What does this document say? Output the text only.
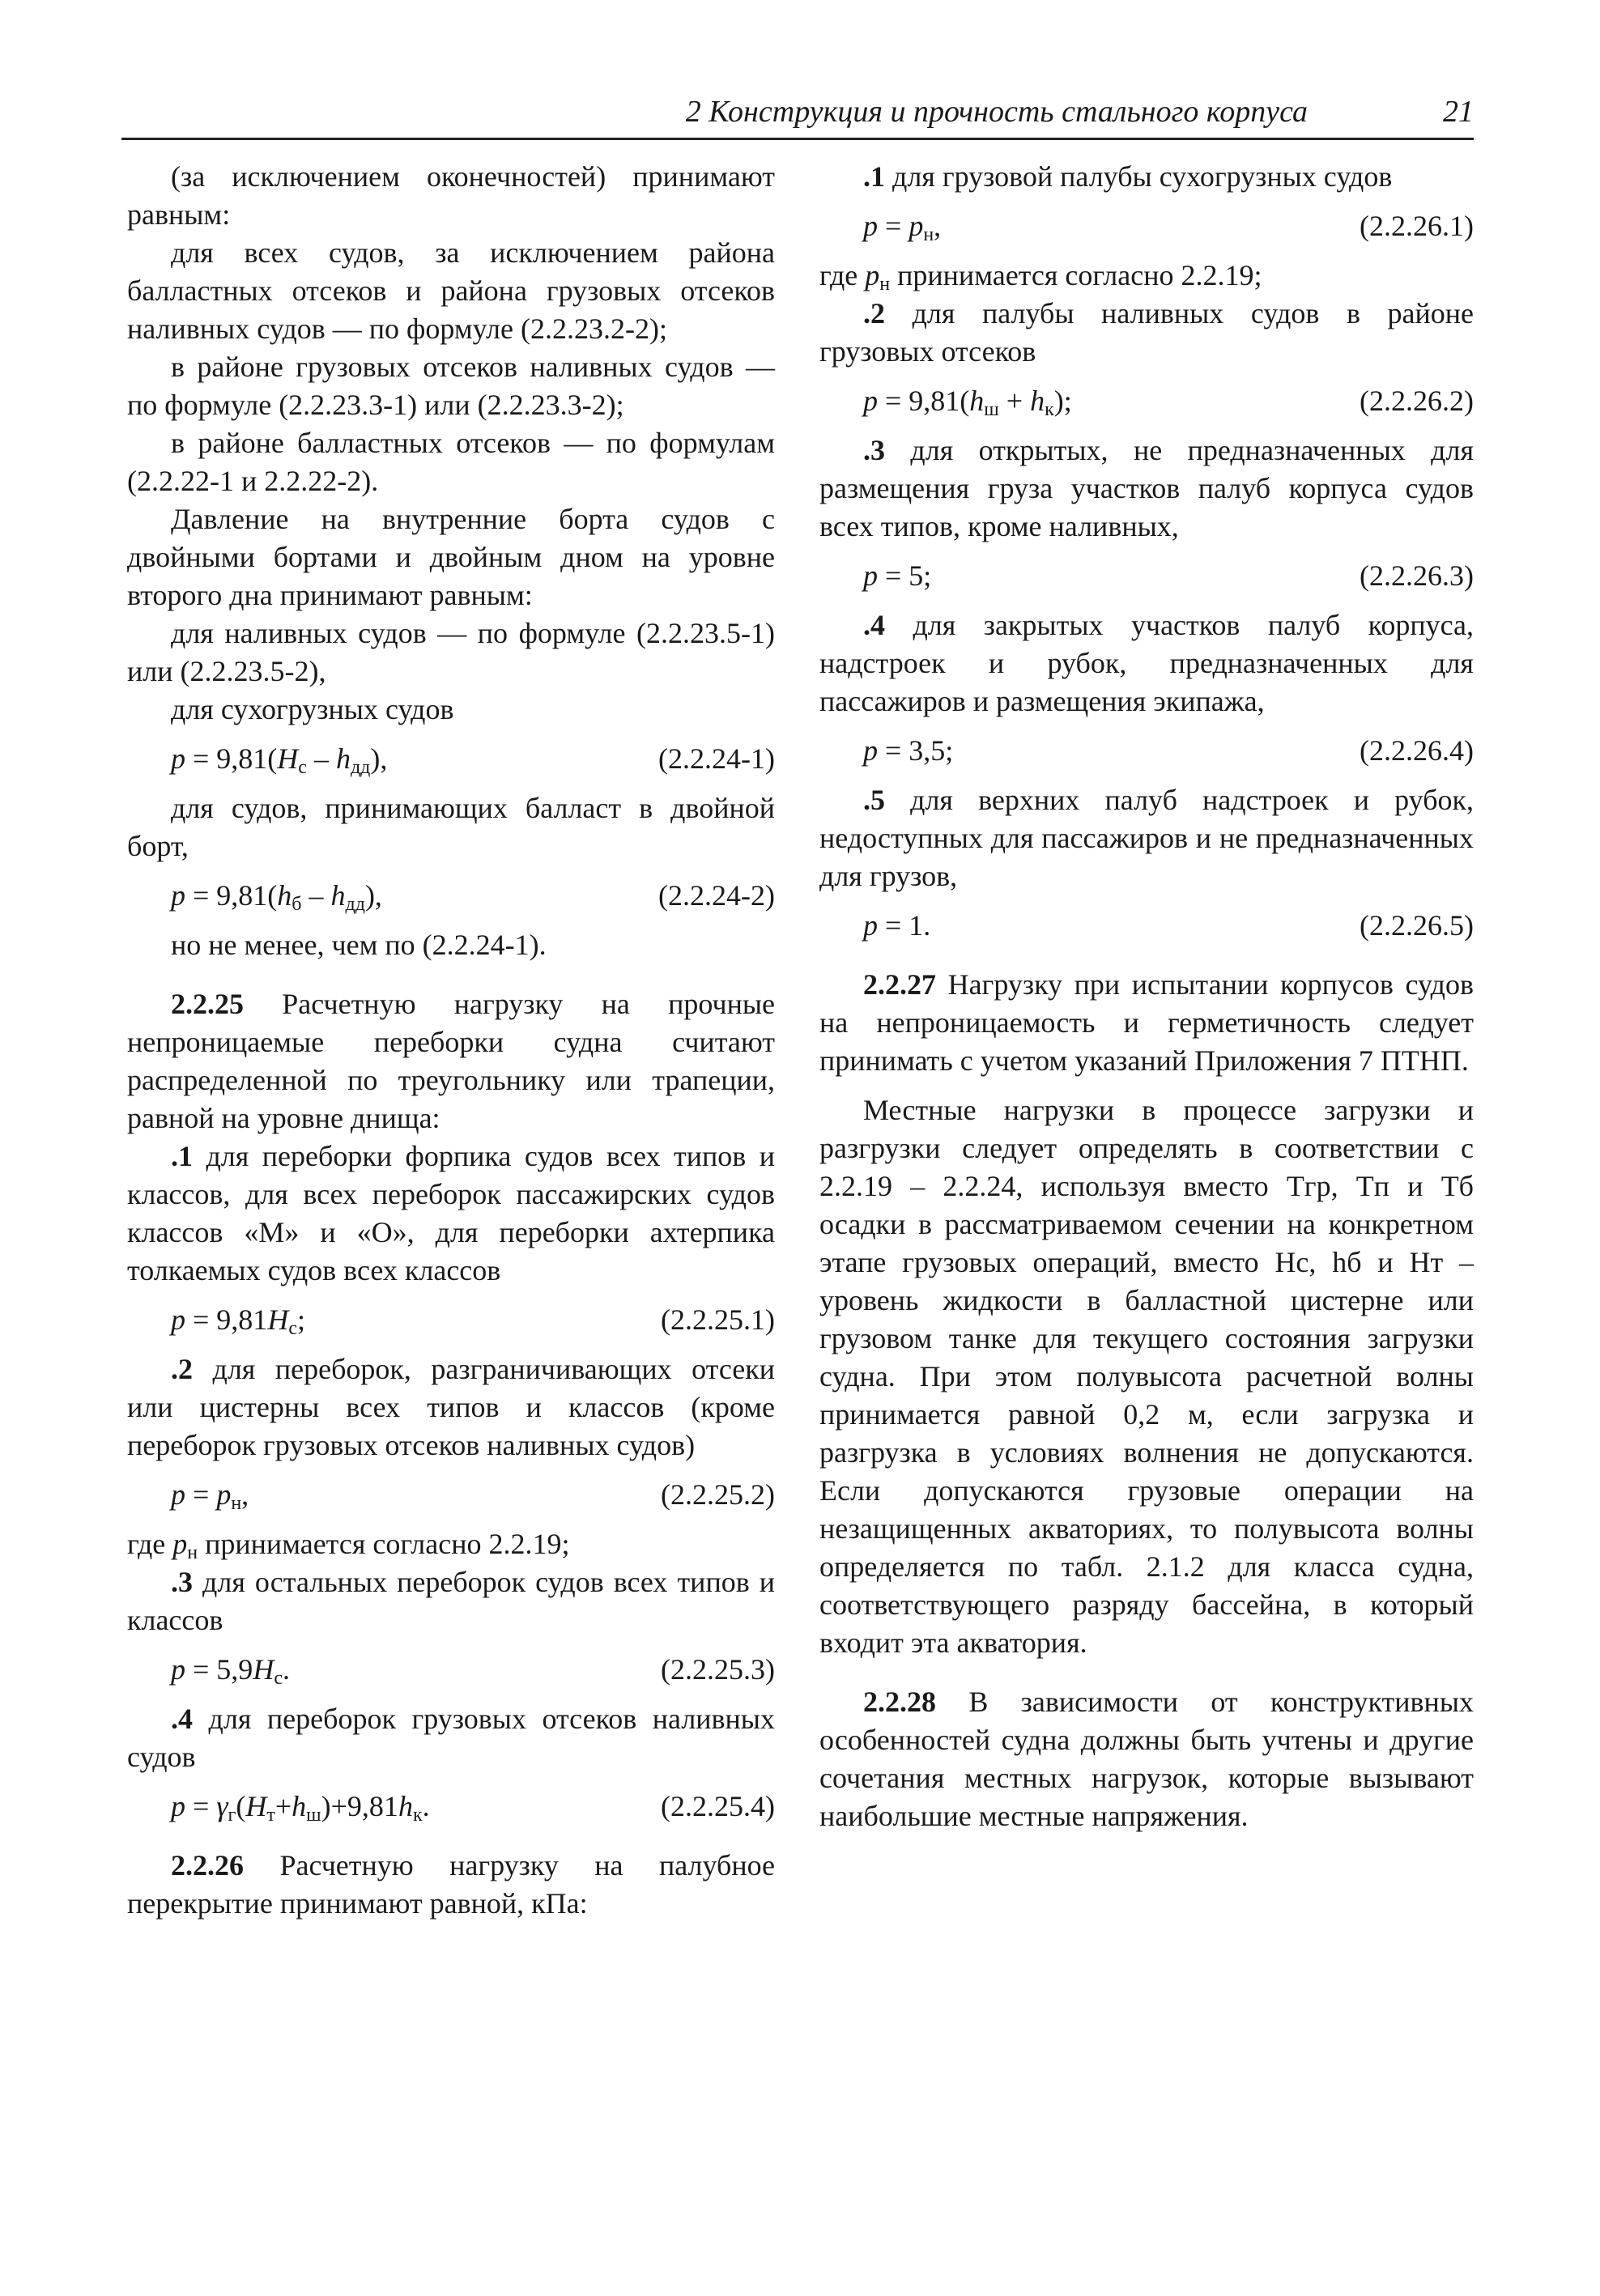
2 Конструкция и прочность стального корпуса	21

(за исключением оконечностей) принимают равным:

для всех судов, за исключением района балластных отсеков и района грузовых отсеков наливных судов — по формуле (2.2.23.2-2);

в районе грузовых отсеков наливных судов — по формуле (2.2.23.3-1) или (2.2.23.3-2);

в районе балластных отсеков — по формулам (2.2.22-1 и 2.2.22-2).

Давление на внутренние борта судов с двойными бортами и двойным дном на уровне второго дна принимают равным:

для наливных судов — по формуле (2.2.23.5-1) или (2.2.23.5-2),

для сухогрузных судов

$p = 9,81(H_с - h_{дд})$,	(2.2.24-1)

для судов, принимающих балласт в двойной борт,

$p = 9,81(h_б - h_{дд})$,	(2.2.24-2)

но не менее, чем по (2.2.24-1).

2.2.25 Расчетную нагрузку на прочные непроницаемые переборки судна считают распределенной по треугольнику или трапеции, равной на уровне днища:

.1 для переборки форпика судов всех типов и классов, для всех переборок пассажирских судов классов «М» и «О», для переборки ахтерпика толкаемых судов всех классов

$p = 9,81H_с$;	(2.2.25.1)

.2 для переборок, разграничивающих отсеки или цистерны всех типов и классов (кроме переборок грузовых отсеков наливных судов)

$p = p_н$,	(2.2.25.2)

где $p_н$ принимается согласно 2.2.19;

.3 для остальных переборок судов всех типов и классов

$p = 5,9H_с$.	(2.2.25.3)

.4 для переборок грузовых отсеков наливных судов

$p = \gamma_г(H_т+h_ш)+9,81h_к$.	(2.2.25.4)

2.2.26 Расчетную нагрузку на палубное перекрытие принимают равной, кПа:

.1 для грузовой палубы сухогрузных судов

$p = p_н$,	(2.2.26.1)

где $p_н$ принимается согласно 2.2.19;

.2 для палубы наливных судов в районе грузовых отсеков

$p = 9,81(h_ш + h_к)$;	(2.2.26.2)

.3 для открытых, не предназначенных для размещения груза участков палуб корпуса судов всех типов, кроме наливных,

p = 5;	(2.2.26.3)

.4 для закрытых участков палуб корпуса, надстроек и рубок, предназначенных для пассажиров и размещения экипажа,

p = 3,5;	(2.2.26.4)

.5 для верхних палуб надстроек и рубок, недоступных для пассажиров и не предназначенных для грузов,

p = 1.	(2.2.26.5)

2.2.27 Нагрузку при испытании корпусов судов на непроницаемость и герметичность следует принимать с учетом указаний Приложения 7 ПТНП.

Местные нагрузки в процессе загрузки и разгрузки следует определять в соответствии с 2.2.19 – 2.2.24, используя вместо Tгр, Tп и Tб осадки в рассматриваемом сечении на конкретном этапе грузовых операций, вместо Hс, hб и Hт – уровень жидкости в балластной цистерне или грузовом танке для текущего состояния загрузки судна. При этом полувысота расчетной волны принимается равной 0,2 м, если загрузка и разгрузка в условиях волнения не допускаются. Если допускаются грузовые операции на незащищенных акваториях, то полувысота волны определяется по табл. 2.1.2 для класса судна, соответствующего разряду бассейна, в который входит эта акватория.

2.2.28 В зависимости от конструктивных особенностей судна должны быть учтены и другие сочетания местных нагрузок, которые вызывают наибольшие местные напряжения.
